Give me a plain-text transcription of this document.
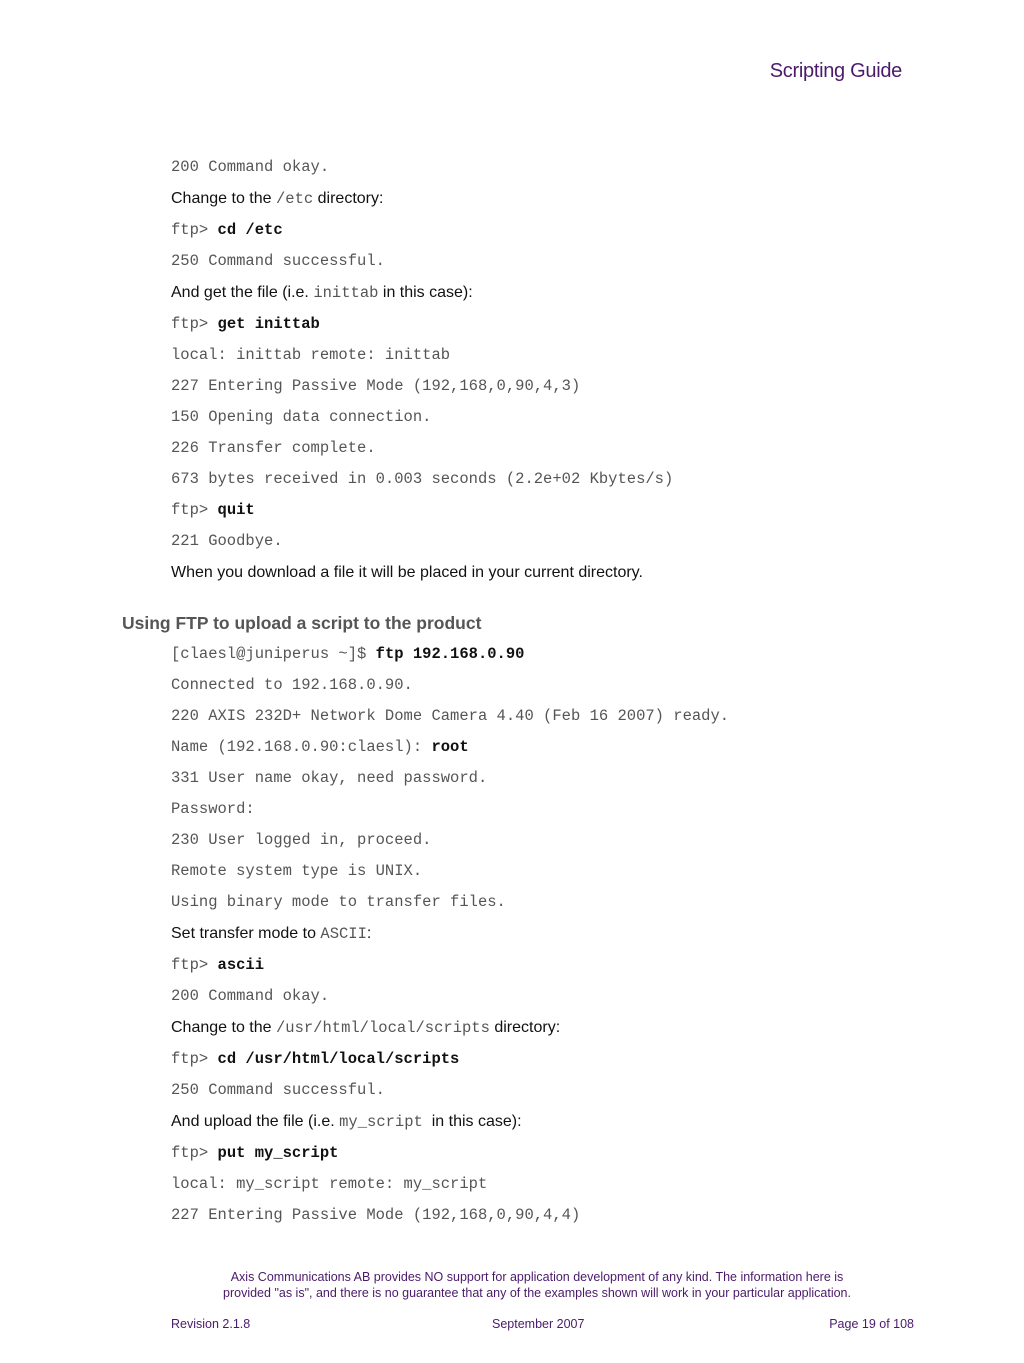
Scripting Guide
200 Command okay.
Change to the /etc directory:
ftp> cd /etc
250 Command successful.
And get the file (i.e. inittab in this case):
ftp> get inittab
local: inittab remote: inittab
227 Entering Passive Mode (192,168,0,90,4,3)
150 Opening data connection.
226 Transfer complete.
673 bytes received in 0.003 seconds (2.2e+02 Kbytes/s)
ftp> quit
221 Goodbye.
When you download a file it will be placed in your current directory.
Using FTP to upload a script to the product
[claesl@juniperus ~]$ ftp 192.168.0.90
Connected to 192.168.0.90.
220 AXIS 232D+ Network Dome Camera 4.40 (Feb 16 2007) ready.
Name (192.168.0.90:claesl): root
331 User name okay, need password.
Password:
230 User logged in, proceed.
Remote system type is UNIX.
Using binary mode to transfer files.
Set transfer mode to ASCII:
ftp> ascii
200 Command okay.
Change to the /usr/html/local/scripts directory:
ftp> cd /usr/html/local/scripts
250 Command successful.
And upload the file (i.e. my_script  in this case):
ftp> put my_script
local: my_script remote: my_script
227 Entering Passive Mode (192,168,0,90,4,4)
Axis Communications AB provides NO support for application development of any kind. The information here is
provided "as is", and there is no guarantee that any of the examples shown will work in your particular application.
Revision 2.1.8	September 2007	Page 19 of 108
